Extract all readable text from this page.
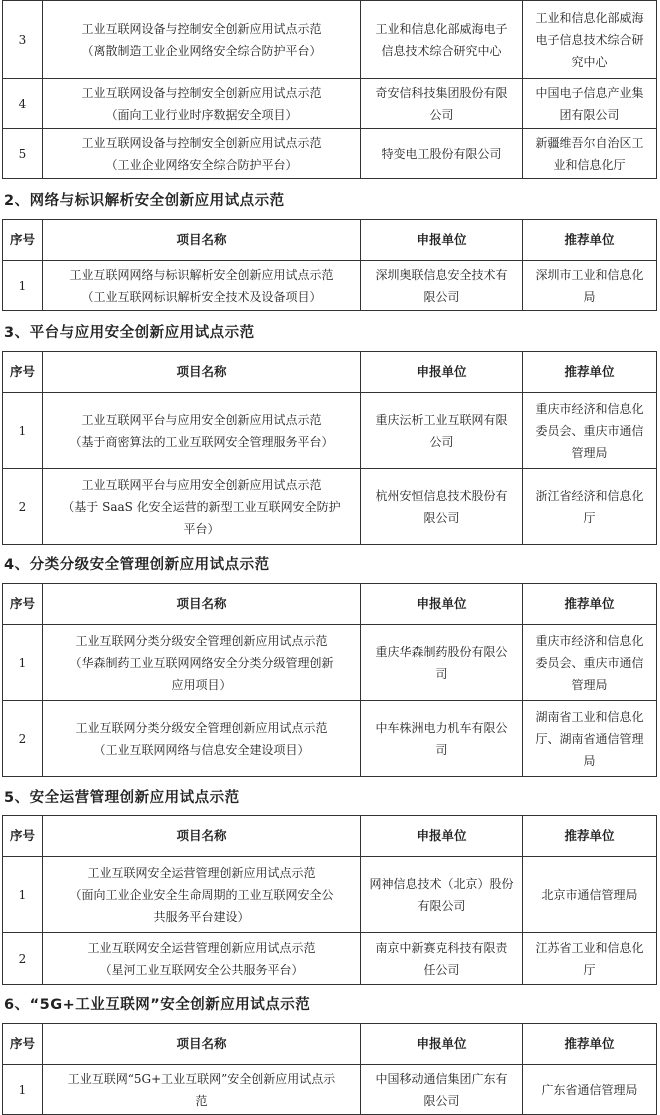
3	工业互联网设备与控制安全创新应用试点示范
（离散制造工业企业网络安全综合防护平台）	工业和信息化部威海电子
信息技术综合研究中心	工业和信息化部威海
电子信息技术综合研
究中心

4	工业互联网设备与控制安全创新应用试点示范
（面向工业行业时序数据安全项目）	奇安信科技集团股份有限
公司	中国电子信息产业集
团有限公司

5	工业互联网设备与控制安全创新应用试点示范
（工业企业网络安全综合防护平台）	特变电工股份有限公司	新疆维吾尔自治区工
业和信息化厅
2、网络与标识解析安全创新应用试点示范
序号	项目名称	申报单位	推荐单位
1	工业互联网网络与标识解析安全创新应用试点示范
（工业互联网标识解析安全技术及设备项目）	深圳奥联信息安全技术有
限公司	深圳市工业和信息化
局
3、平台与应用安全创新应用试点示范
序号	项目名称	申报单位	推荐单位
1	工业互联网平台与应用安全创新应用试点示范
（基于商密算法的工业互联网安全管理服务平台）	重庆沄析工业互联网有限
公司	重庆市经济和信息化
委员会、重庆市通信
管理局

2	工业互联网平台与应用安全创新应用试点示范
（基于 SaaS 化安全运营的新型工业互联网安全防护
平台）	杭州安恒信息技术股份有
限公司	浙江省经济和信息化
厅
4、分类分级安全管理创新应用试点示范
序号	项目名称	申报单位	推荐单位
1	工业互联网分类分级安全管理创新应用试点示范
（华森制药工业互联网网络安全分类分级管理创新
应用项目）	重庆华森制药股份有限公
司	重庆市经济和信息化
委员会、重庆市通信
管理局

2	工业互联网分类分级安全管理创新应用试点示范
（工业互联网网络与信息安全建设项目）	中车株洲电力机车有限公
司	湖南省工业和信息化
厅、湖南省通信管理
局
5、安全运营管理创新应用试点示范
序号	项目名称	申报单位	推荐单位
1	工业互联网安全运营管理创新应用试点示范
（面向工业企业安全生命周期的工业互联网安全公
共服务平台建设）	网神信息技术（北京）股份
有限公司	北京市通信管理局

2	工业互联网安全运营管理创新应用试点示范
（星河工业互联网安全公共服务平台）	南京中新赛克科技有限责
任公司	江苏省工业和信息化
厅
6、“5G+工业互联网”安全创新应用试点示范
序号	项目名称	申报单位	推荐单位
1	工业互联网“5G+工业互联网”安全创新应用试点示
范	中国移动通信集团广东有
限公司	广东省通信管理局
